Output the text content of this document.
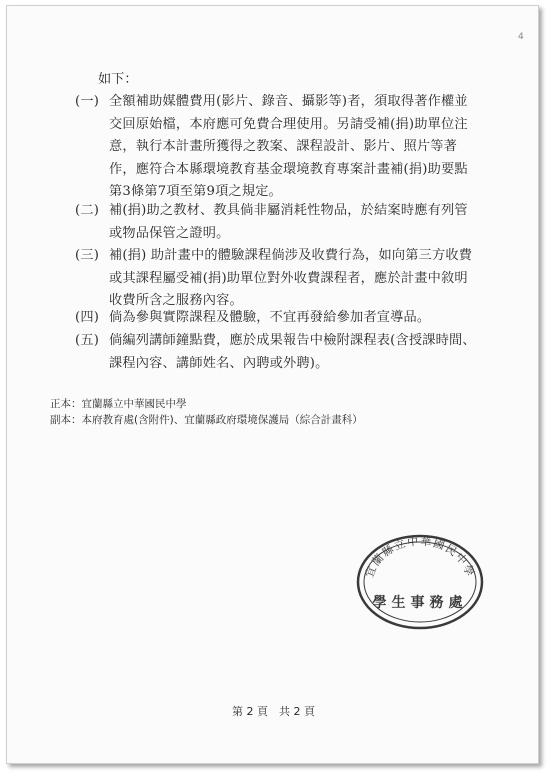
4
如下：
(一) 全額補助媒體費用(影片、錄音、攝影等)者，須取得著作權並交回原始檔，本府應可免費合理使用。另請受補(捐)助單位注意，執行本計畫所獲得之教案、課程設計、影片、照片等著作，應符合本縣環境教育基金環境教育專案計畫補(捐)助要點第3條第7項至第9項之規定。
(二) 補(捐)助之教材、教具倘非屬消耗性物品，於結案時應有列管或物品保管之證明。
(三) 補(捐) 助計畫中的體驗課程倘涉及收費行為，如向第三方收費或其課程屬受補(捐)助單位對外收費課程者，應於計畫中敘明收費所含之服務內容。
(四) 倘為參與實際課程及體驗，不宜再發給參加者宣導品。
(五) 倘編列講師鐘點費，應於成果報告中檢附課程表(含授課時間、課程內容、講師姓名、內聘或外聘)。
正本：宜蘭縣立中華國民中學
副本：本府教育處(含附件)、宜蘭縣政府環境保護局（綜合計畫科）
宜蘭縣立中華國民中學
學生事務處
第 2 頁　共 2 頁
